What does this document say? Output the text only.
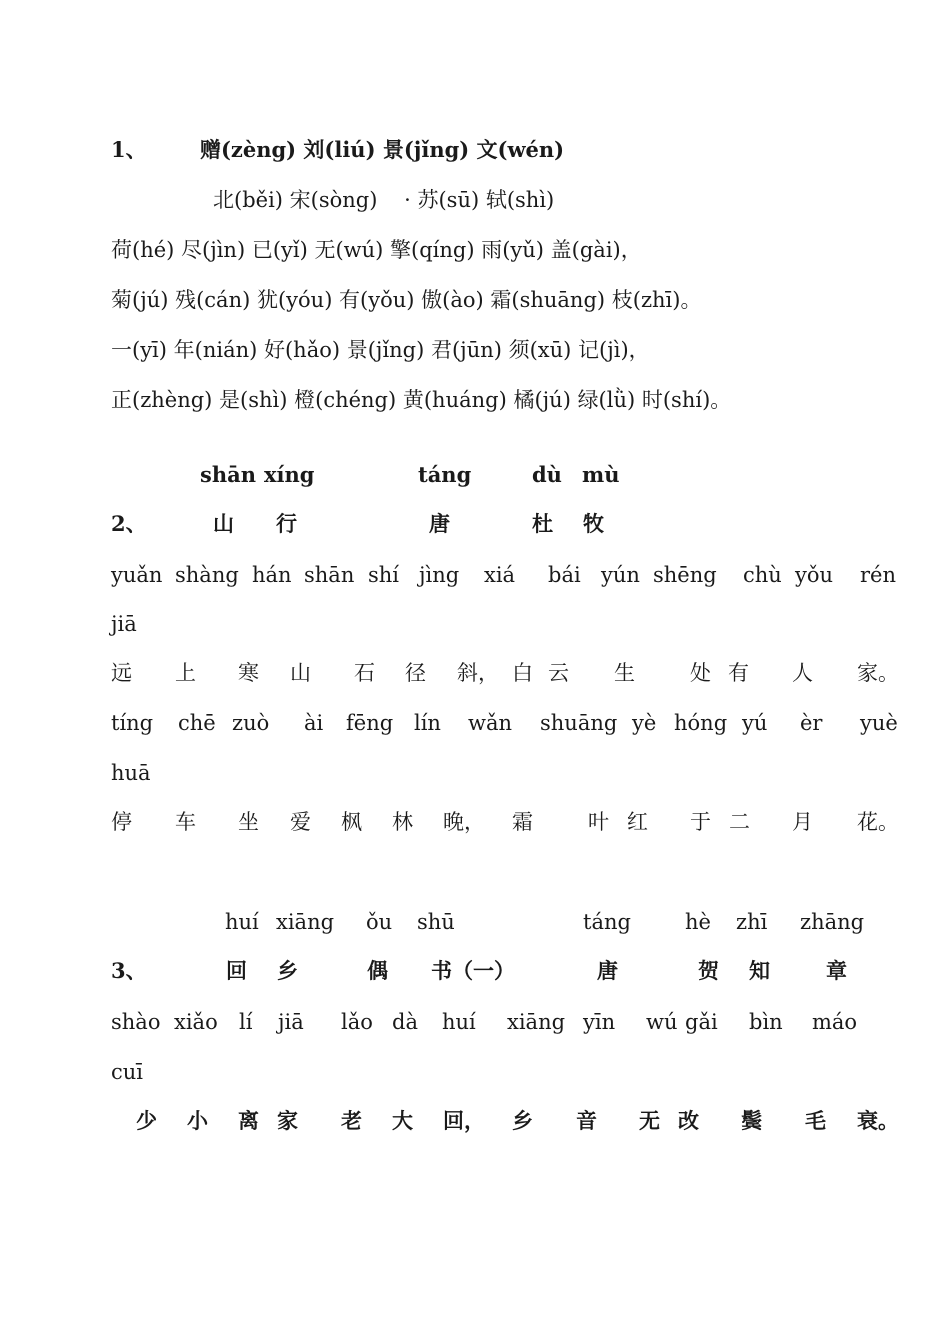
1、	赠(zèng) 刘(liú) 景(jǐng) 文(wén)
北(běi) 宋(sòng)    · 苏(sū) 轼(shì)
荷(hé) 尽(jìn) 已(yǐ) 无(wú) 擎(qíng) 雨(yǔ) 盖(gài)，
菊(jú) 残(cán) 犹(yóu) 有(yǒu) 傲(ào) 霜(shuāng) 枝(zhī)。
一(yī) 年(nián) 好(hǎo) 景(jǐng) 君(jūn) 须(xū) 记(jì)，
正(zhèng) 是(shì) 橙(chéng) 黄(huáng) 橘(jú) 绿(lǜ) 时(shí)。
shān xíng	táng	dù mù
2、	山 行	唐	杜 牧
yuǎn shàng hán shān shí jìng xiá bái yún shēng chù yǒu rén
jiā
远 上 寒 山 石 径 斜， 白 云 生	处 有 人 家。
tíng chē zuò ài fēng lín wǎn shuāng yè hóng yú èr yuè
huā
停 车 坐 爱 枫 林 晚， 霜	叶 红 于 二 月 花。
huí xiāng ǒu shū	táng	hè zhī zhāng
3、	回 乡	偶 书（一）	唐	贺 知	章
shào xiǎo lí jiā lǎo dà huí xiāng yīn wú gǎi bìn máo
cuī
少 小 离 家 老 大 回， 乡 音 无 改 鬓 毛 衰。
